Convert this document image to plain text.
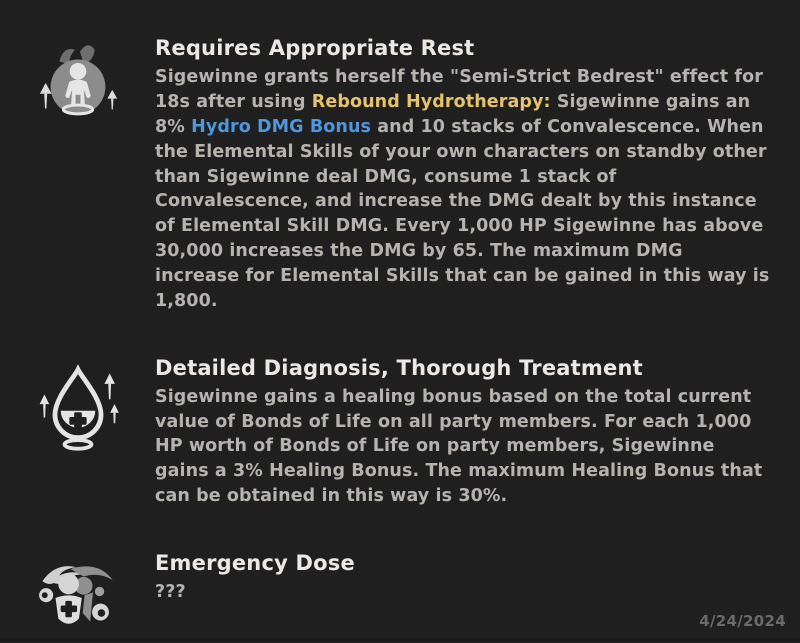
Requires Appropriate Rest
Sigewinne grants herself the "Semi-Strict Bedrest" effect for 18s after using Rebound Hydrotherapy: Sigewinne gains an 8% Hydro DMG Bonus and 10 stacks of Convalescence. When the Elemental Skills of your own characters on standby other than Sigewinne deal DMG, consume 1 stack of Convalescence, and increase the DMG dealt by this instance of Elemental Skill DMG. Every 1,000 HP Sigewinne has above 30,000 increases the DMG by 65. The maximum DMG increase for Elemental Skills that can be gained in this way is 1,800.
Detailed Diagnosis, Thorough Treatment
Sigewinne gains a healing bonus based on the total current value of Bonds of Life on all party members. For each 1,000 HP worth of Bonds of Life on party members, Sigewinne gains a 3% Healing Bonus. The maximum Healing Bonus that can be obtained in this way is 30%.
Emergency Dose
???
4/24/2024
